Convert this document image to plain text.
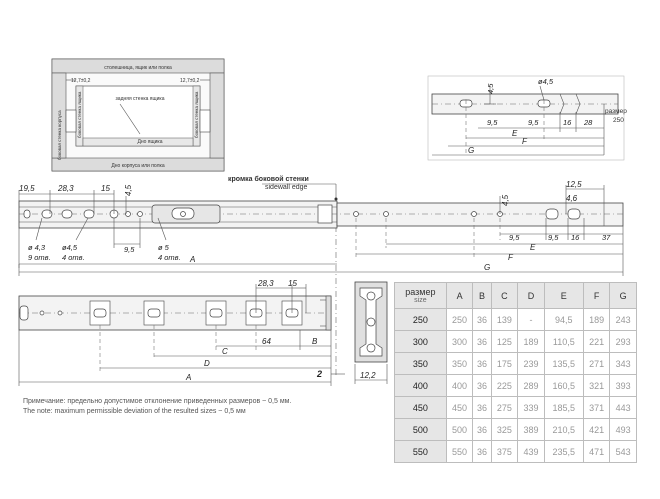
столешница, ящик или полка
12,7±0,2	12,7±0,2
задняя стенка ящика
Дно ящика
Дно корпуса или полка
боковая стенка корпуса	боковая стенка ящика	боковая стенка ящика
4,5
ø4,5
9,5	9,5	16 28
E
F
G
размер
250
кромка боковой стенки
sidewall edge
19,5	28,3	15 4,5
ø 4,3
9 отв.
ø4,5
4 отв.
9,5	ø 5
4 отв. A
4,5
12,5
4,6
9,5	9,5 16	37
E
F
G
28,3 15
64	B
C
D
A	2	12,2
размер
size	A	B	C	D	E	F	G
250	250	36	139	-	94,5	189	243
300	300	36	125	189	110,5	221	293
350	350	36	175	239	135,5	271	343
400	400	36	225	289	160,5	321	393
450	450	36	275	339	185,5	371	443
500	500	36	325	389	210,5	421	493
550	550	36	375	439	235,5	471	543
Примечание: предельно допустимое отклонение приведенных размеров ~ 0,5 мм.
The note: maximum permissible deviation of the resulted sizes ~ 0,5 мм
